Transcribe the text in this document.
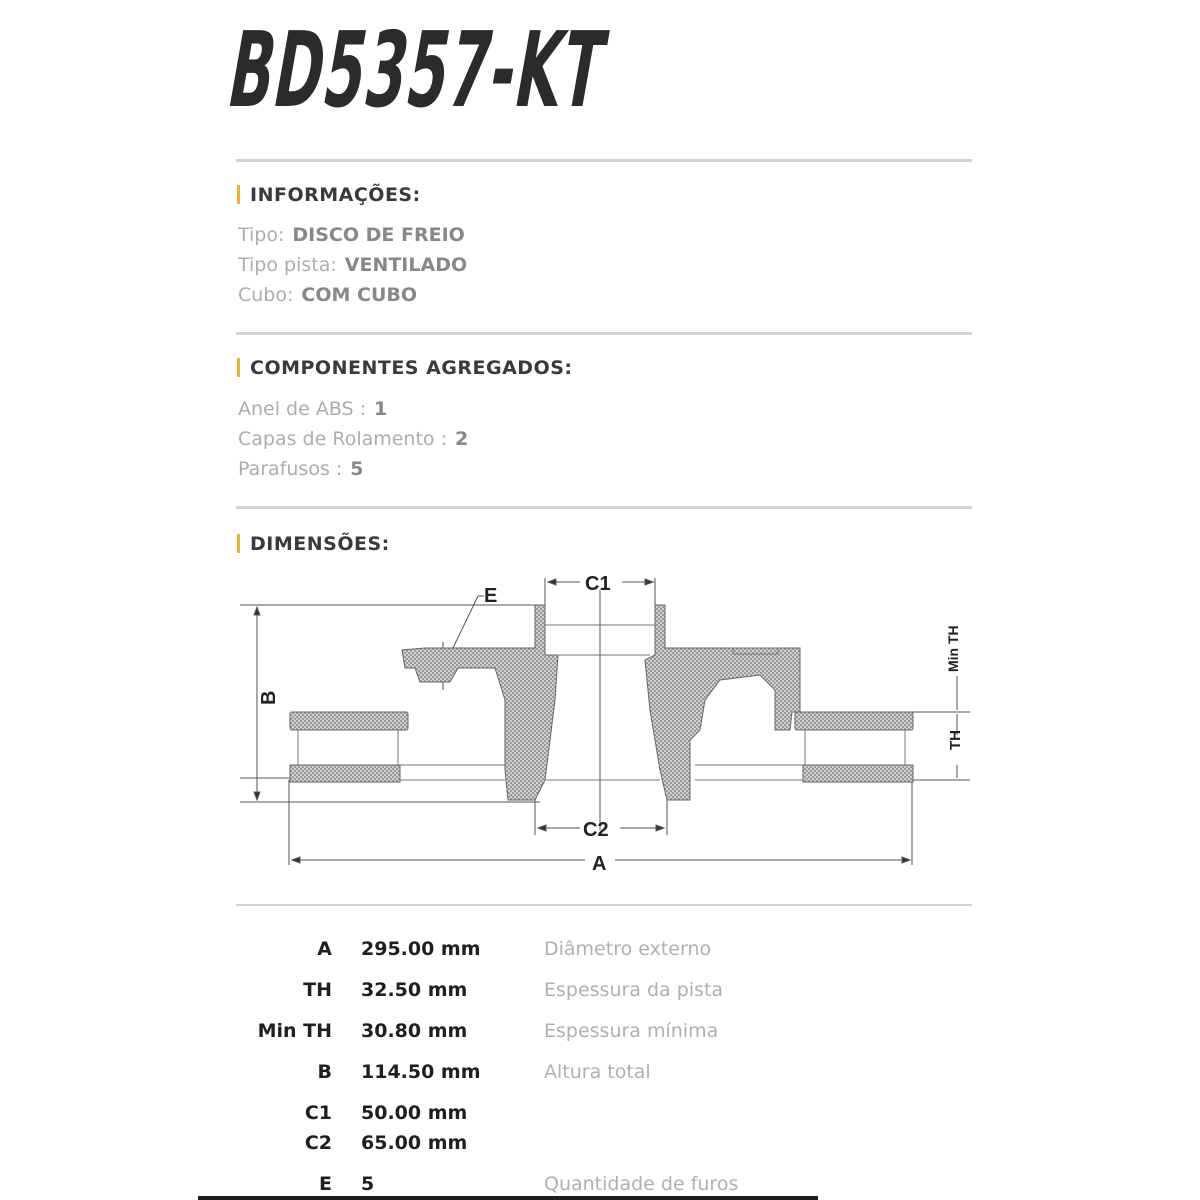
BD5357-KT
INFORMAÇÕES:
Tipo: DISCO DE FREIO
Tipo pista: VENTILADO
Cubo: COM CUBO
COMPONENTES AGREGADOS:
Anel de ABS : 1
Capas de Rolamento : 2
Parafusos : 5
DIMENSÕES:
C1
C2
A
E
B
TH
Min TH
A 295.00 mm	Diâmetro externo
TH 32.50 mm	Espessura da pista
Min TH 30.80 mm	Espessura mínima
B 114.50 mm	Altura total
C1 50.00 mm
C2 65.00 mm
E 5	Quantidade de furos
